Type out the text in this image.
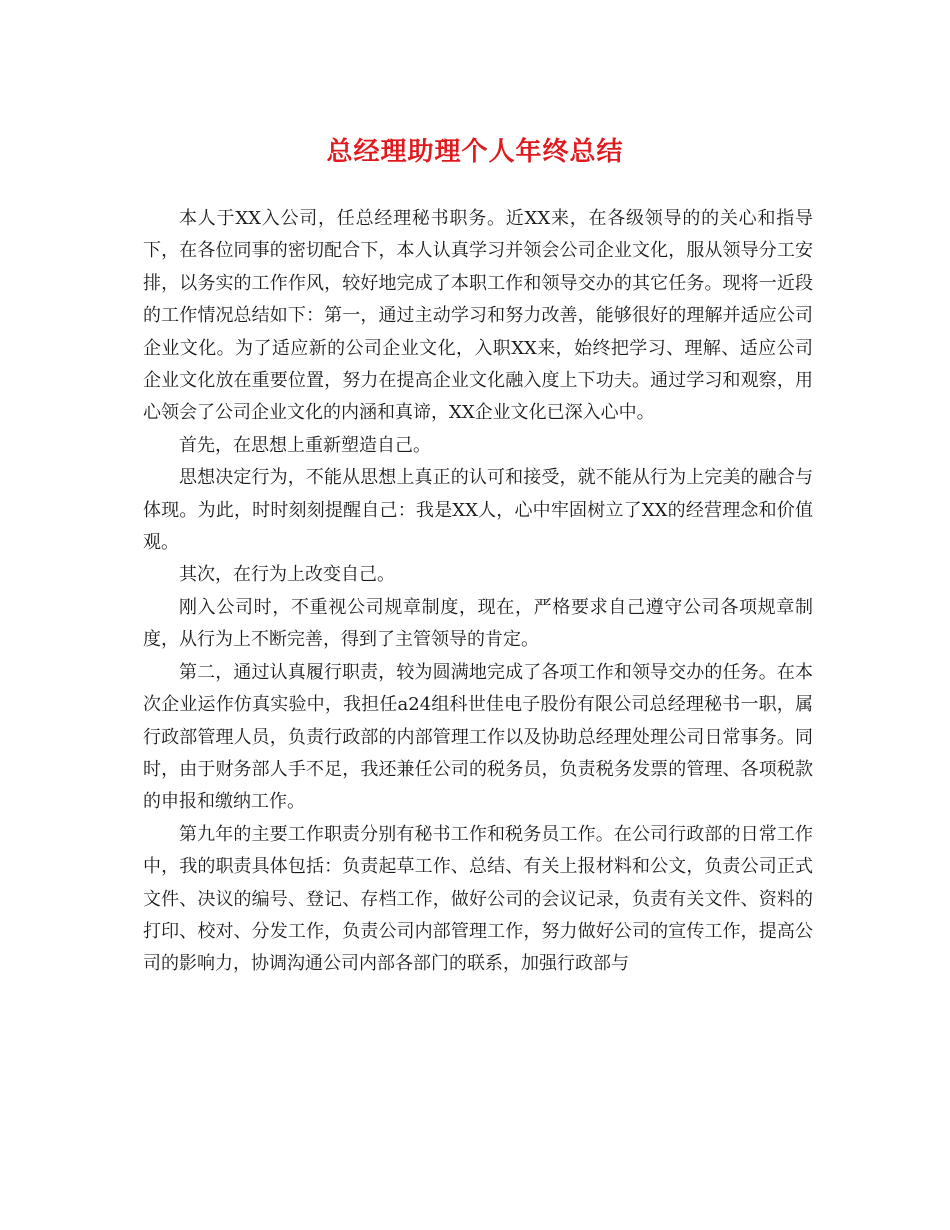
总经理助理个人年终总结

本人于XX入公司，任总经理秘书职务。近XX来，在各级领导的的关心和指导下，在各位同事的密切配合下，本人认真学习并领会公司企业文化，服从领导分工安排，以务实的工作作风，较好地完成了本职工作和领导交办的其它任务。现将一近段的工作情况总结如下：第一，通过主动学习和努力改善，能够很好的理解并适应公司企业文化。为了适应新的公司企业文化，入职XX来，始终把学习、理解、适应公司企业文化放在重要位置，努力在提高企业文化融入度上下功夫。通过学习和观察，用心领会了公司企业文化的内涵和真谛，XX企业文化已深入心中。

首先，在思想上重新塑造自己。

思想决定行为，不能从思想上真正的认可和接受，就不能从行为上完美的融合与体现。为此，时时刻刻提醒自己：我是XX人，心中牢固树立了XX的经营理念和价值观。

其次，在行为上改变自己。

刚入公司时，不重视公司规章制度，现在，严格要求自己遵守公司各项规章制度，从行为上不断完善，得到了主管领导的肯定。

第二，通过认真履行职责，较为圆满地完成了各项工作和领导交办的任务。在本次企业运作仿真实验中，我担任a24组科世佳电子股份有限公司总经理秘书一职，属行政部管理人员，负责行政部的内部管理工作以及协助总经理处理公司日常事务。同时，由于财务部人手不足，我还兼任公司的税务员，负责税务发票的管理、各项税款的申报和缴纳工作。

第九年的主要工作职责分别有秘书工作和税务员工作。在公司行政部的日常工作中，我的职责具体包括：负责起草工作、总结、有关上报材料和公文，负责公司正式文件、决议的编号、登记、存档工作，做好公司的会议记录，负责有关文件、资料的打印、校对、分发工作，负责公司内部管理工作，努力做好公司的宣传工作，提高公司的影响力，协调沟通公司内部各部门的联系，加强行政部与
